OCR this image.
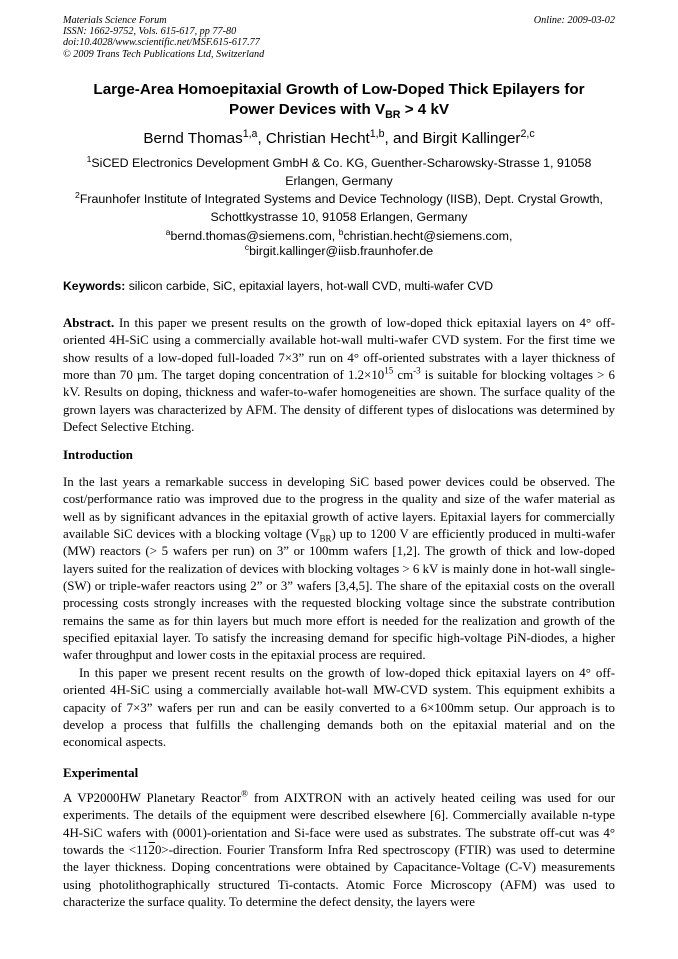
Materials Science Forum
ISSN: 1662-9752, Vols. 615-617, pp 77-80
doi:10.4028/www.scientific.net/MSF.615-617.77
© 2009 Trans Tech Publications Ltd, Switzerland
Online: 2009-03-02
Large-Area Homoepitaxial Growth of Low-Doped Thick Epilayers for
Power Devices with $V_{BR} > 4$ kV
Bernd Thomas$^{1,a}$, Christian Hecht$^{1,b}$, and Birgit Kallinger$^{2,c}$
$^1$SiCED Electronics Development GmbH & Co. KG, Guenther-Scharowsky-Strasse 1, 91058
Erlangen, Germany
$^2$Fraunhofer Institute of Integrated Systems and Device Technology (IISB), Dept. Crystal Growth,
Schottkystrasse 10, 91058 Erlangen, Germany
$^a$bernd.thomas@siemens.com, $^b$christian.hecht@siemens.com,
$^c$birgit.kallinger@iisb.fraunhofer.de
Keywords: silicon carbide, SiC, epitaxial layers, hot-wall CVD, multi-wafer CVD
Abstract. In this paper we present results on the growth of low-doped thick epitaxial layers on 4° off-oriented 4H-SiC using a commercially available hot-wall multi-wafer CVD system. For the first time we show results of a low-doped full-loaded 7×3” run on 4° off-oriented substrates with a layer thickness of more than 70 µm. The target doping concentration of $1.2\times 10^{15}$ $cm^{-3}$ is suitable for blocking voltages > 6 kV. Results on doping, thickness and wafer-to-wafer homogeneities are shown. The surface quality of the grown layers was characterized by AFM. The density of different types of dislocations was determined by Defect Selective Etching.
Introduction
In the last years a remarkable success in developing SiC based power devices could be observed. The cost/performance ratio was improved due to the progress in the quality and size of the wafer material as well as by significant advances in the epitaxial growth of active layers. Epitaxial layers for commercially available SiC devices with a blocking voltage $(V_{BR})$ up to 1200 V are efficiently produced in multi-wafer (MW) reactors (> 5 wafers per run) on 3” or 100mm wafers [1,2]. The growth of thick and low-doped layers suited for the realization of devices with blocking voltages > 6 kV is mainly done in hot-wall single-(SW) or triple-wafer reactors using 2” or 3” wafers [3,4,5]. The share of the epitaxial costs on the overall processing costs strongly increases with the requested blocking voltage since the substrate contribution remains the same as for thin layers but much more effort is needed for the realization and growth of the specified epitaxial layer. To satisfy the increasing demand for specific high-voltage PiN-diodes, a higher wafer throughput and lower costs in the epitaxial process are required.
In this paper we present recent results on the growth of low-doped thick epitaxial layers on 4° off-oriented 4H-SiC using a commercially available hot-wall MW-CVD system. This equipment exhibits a capacity of 7×3” wafers per run and can be easily converted to a 6×100mm setup. Our approach is to develop a process that fulfills the challenging demands both on the epitaxial material and on the economical aspects.
Experimental
A VP2000HW Planetary Reactor® from AIXTRON with an actively heated ceiling was used for our experiments. The details of the equipment were described elsewhere [6]. Commercially available n-type 4H-SiC wafers with (0001)-orientation and Si-face were used as substrates. The substrate off-cut was 4° towards the <1120>-direction. Fourier Transform Infra Red spectroscopy (FTIR) was used to determine the layer thickness. Doping concentrations were obtained by Capacitance-Voltage (C-V) measurements using photolithographically structured Ti-contacts. Atomic Force Microscopy (AFM) was used to characterize the surface quality. To determine the defect density, the layers were
